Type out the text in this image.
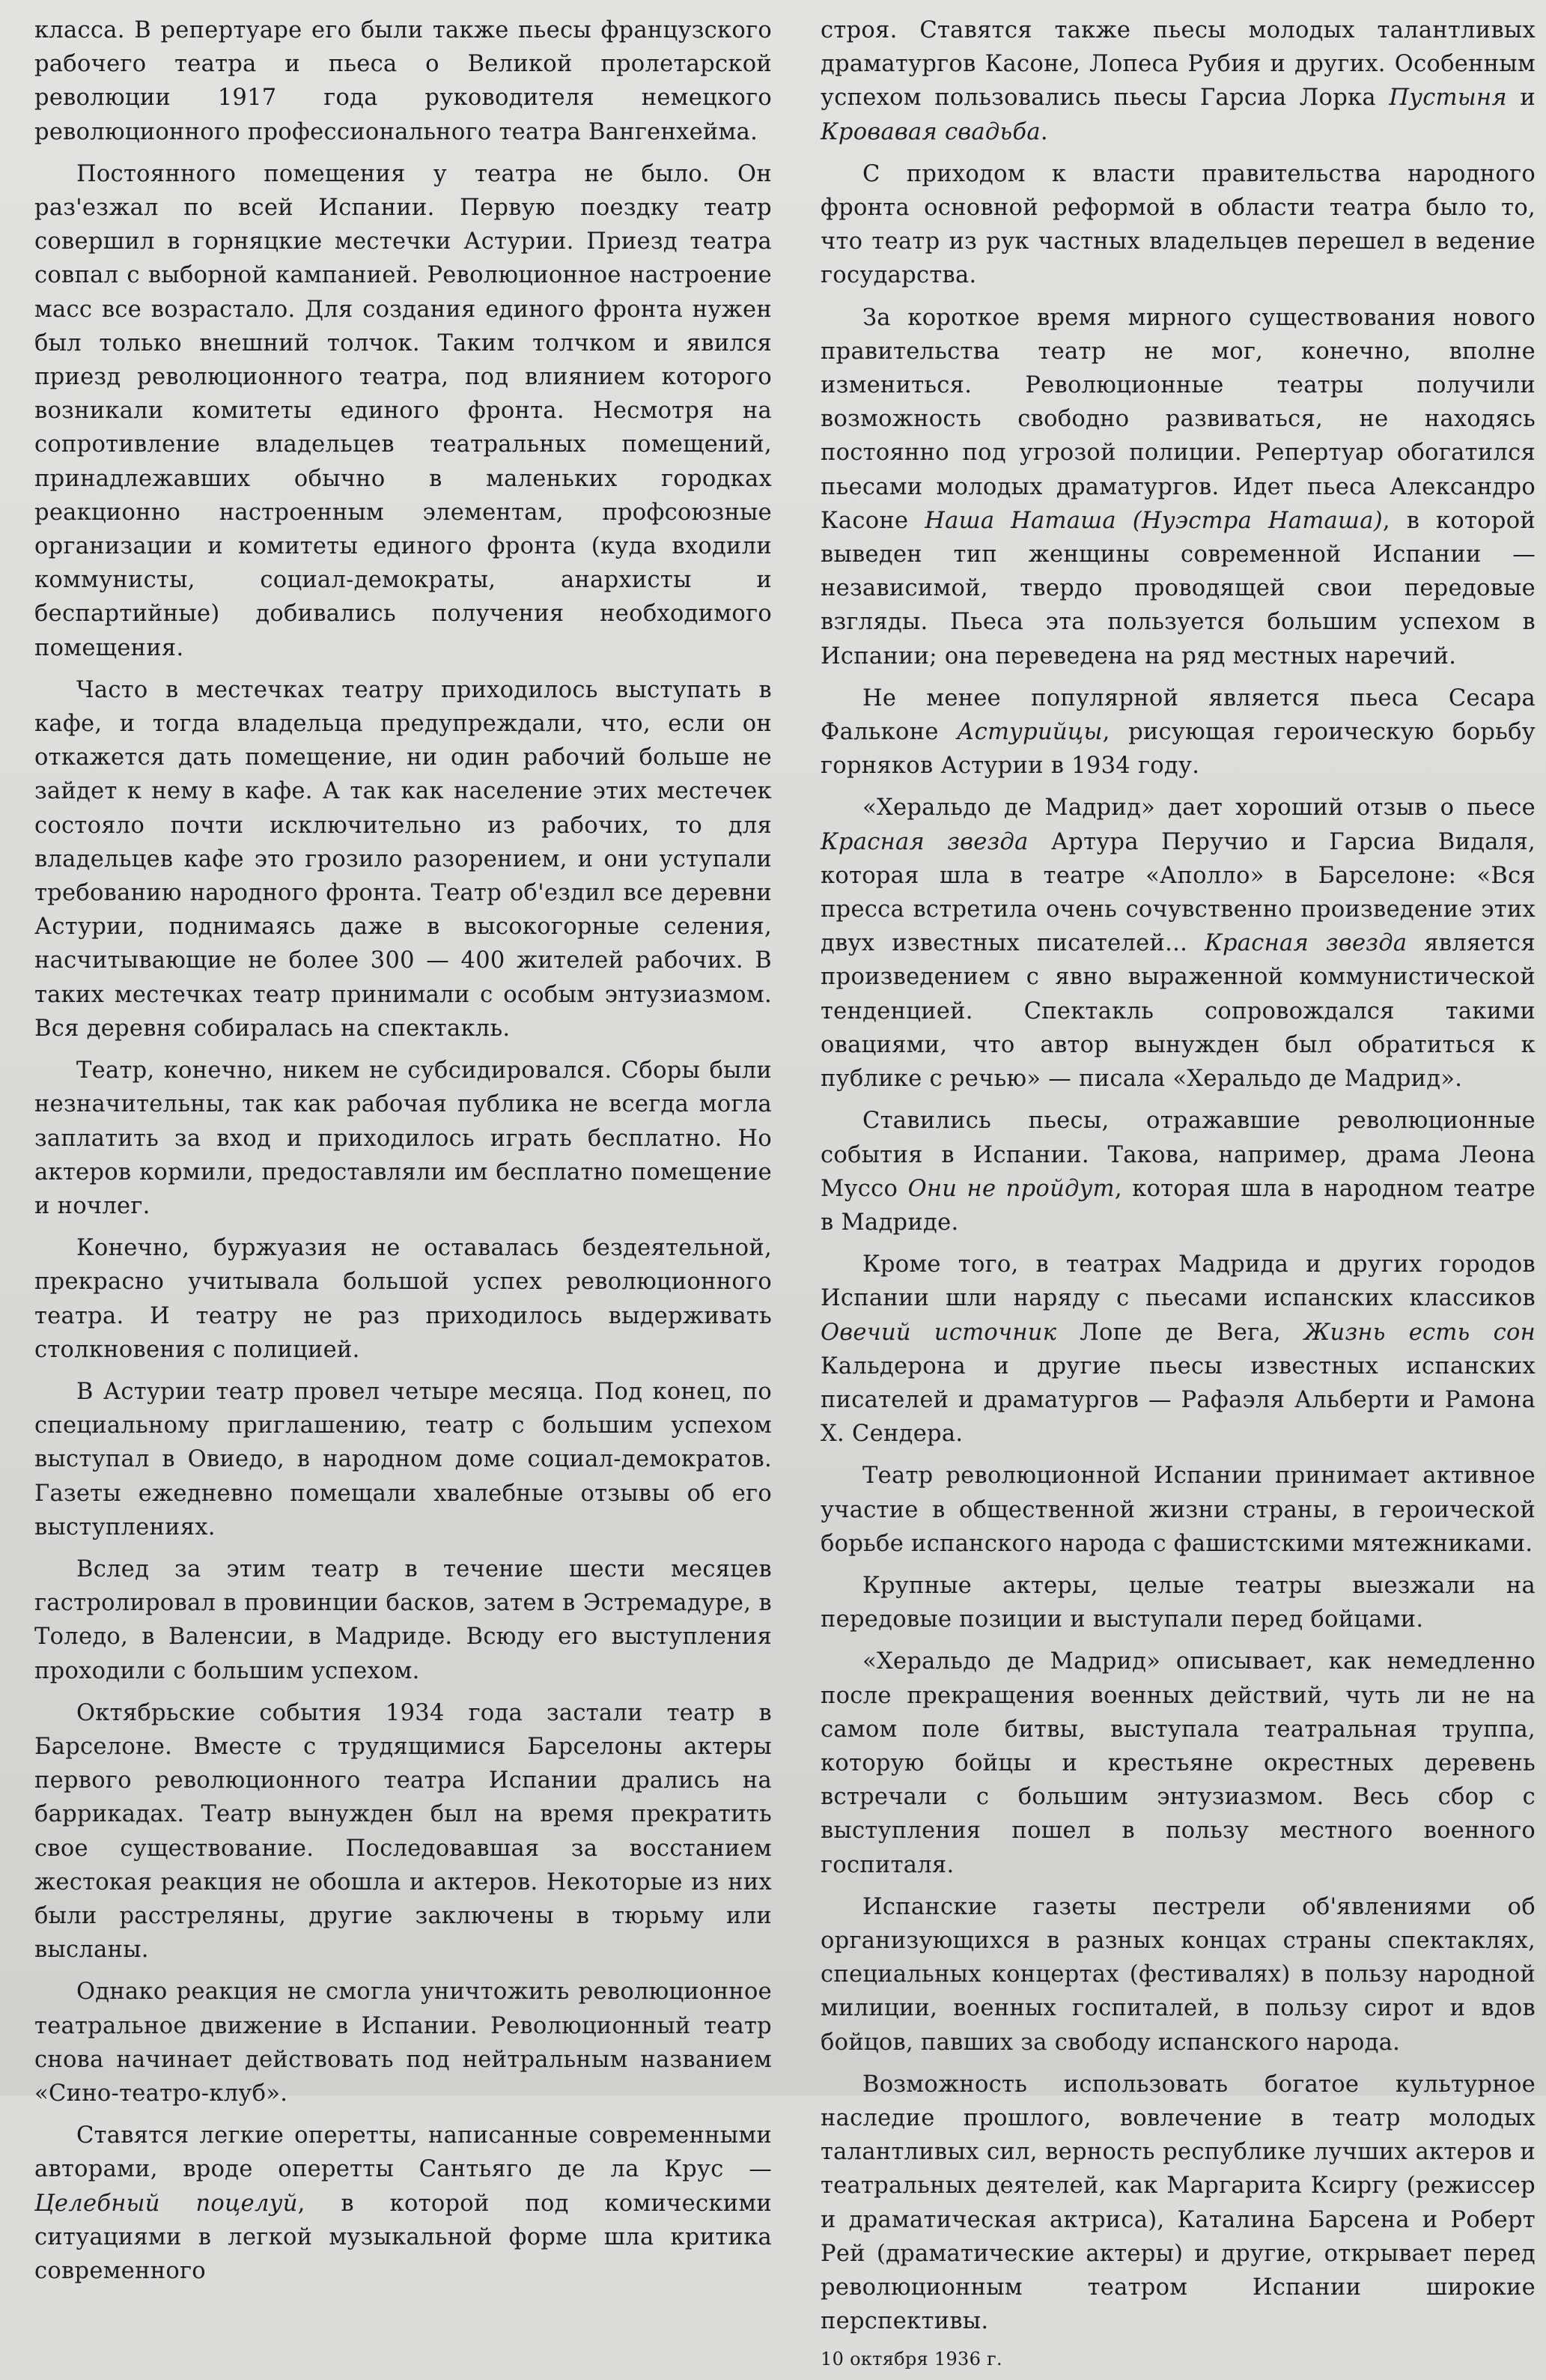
класса. В репертуаре его были также пьесы французского рабочего театра и пьеса о Великой пролетарской революции 1917 года руководителя немецкого революционного профессионального театра Вангенхейма.

Постоянного помещения у театра не было. Он раз'езжал по всей Испании. Первую поездку театр совершил в горняцкие местечки Астурии. Приезд театра совпал с выборной кампанией. Революционное настроение масс все возрастало. Для создания единого фронта нужен был только внешний толчок. Таким толчком и явился приезд революционного театра, под влиянием которого возникали комитеты единого фронта. Несмотря на сопротивление владельцев театральных помещений, принадлежавших обычно в маленьких городках реакционно настроенным элементам, профсоюзные организации и комитеты единого фронта (куда входили коммунисты, социал-демократы, анархисты и беспартийные) добивались получения необходимого помещения.

Часто в местечках театру приходилось выступать в кафе, и тогда владельца предупреждали, что, если он откажется дать помещение, ни один рабочий больше не зайдет к нему в кафе. А так как население этих местечек состояло почти исключительно из рабочих, то для владельцев кафе это грозило разорением, и они уступали требованию народного фронта. Театр об'ездил все деревни Астурии, поднимаясь даже в высокогорные селения, насчитывающие не более 300 — 400 жителей рабочих. В таких местечках театр принимали с особым энтузиазмом. Вся деревня собиралась на спектакль.

Театр, конечно, никем не субсидировался. Сборы были незначительны, так как рабочая публика не всегда могла заплатить за вход и приходилось играть бесплатно. Но актеров кормили, предоставляли им бесплатно помещение и ночлег.

Конечно, буржуазия не оставалась бездеятельной, прекрасно учитывала большой успех революционного театра. И театру не раз приходилось выдерживать столкновения с полицией.

В Астурии театр провел четыре месяца. Под конец, по специальному приглашению, театр с большим успехом выступал в Овиедо, в народном доме социал-демократов. Газеты ежедневно помещали хвалебные отзывы об его выступлениях.

Вслед за этим театр в течение шести месяцев гастролировал в провинции басков, затем в Эстремадуре, в Толедо, в Валенсии, в Мадриде. Всюду его выступления проходили с большим успехом.

Октябрьские события 1934 года застали театр в Барселоне. Вместе с трудящимися Барселоны актеры первого революционного театра Испании дрались на баррикадах. Театр вынужден был на время прекратить свое существование. Последовавшая за восстанием жестокая реакция не обошла и актеров. Некоторые из них были расстреляны, другие заключены в тюрьму или высланы.

Однако реакция не смогла уничтожить революционное театральное движение в Испании. Революционный театр снова начинает действовать под нейтральным названием «Сино-театро-клуб».

Ставятся легкие оперетты, написанные современными авторами, вроде оперетты Сантьяго де ла Крус — Целебный поцелуй, в которой под комическими ситуациями в легкой музыкальной форме шла критика современного

строя. Ставятся также пьесы молодых талантливых драматургов Касоне, Лопеса Рубия и других. Особенным успехом пользовались пьесы Гарсиа Лорка Пустыня и Кровавая свадьба.

С приходом к власти правительства народного фронта основной реформой в области театра было то, что театр из рук частных владельцев перешел в ведение государства.

За короткое время мирного существования нового правительства театр не мог, конечно, вполне измениться. Революционные театры получили возможность свободно развиваться, не находясь постоянно под угрозой полиции. Репертуар обогатился пьесами молодых драматургов. Идет пьеса Александро Касоне Наша Наташа (Нуэстра Наташа), в которой выведен тип женщины современной Испании — независимой, твердо проводящей свои передовые взгляды. Пьеса эта пользуется большим успехом в Испании; она переведена на ряд местных наречий.

Не менее популярной является пьеса Сесара Фальконе Астурийцы, рисующая героическую борьбу горняков Астурии в 1934 году.

«Херальдо де Мадрид» дает хороший отзыв о пьесе Красная звезда Артура Перучио и Гарсиа Видаля, которая шла в театре «Аполло» в Барселоне: «Вся пресса встретила очень сочувственно произведение этих двух известных писателей... Красная звезда является произведением с явно выраженной коммунистической тенденцией. Спектакль сопровождался такими овациями, что автор вынужден был обратиться к публике с речью» — писала «Херальдо де Мадрид».

Ставились пьесы, отражавшие революционные события в Испании. Такова, например, драма Леона Муссо Они не пройдут, которая шла в народном театре в Мадриде.

Кроме того, в театрах Мадрида и других городов Испании шли наряду с пьесами испанских классиков Овечий источник Лопе де Вега, Жизнь есть сон Кальдерона и другие пьесы известных испанских писателей и драматургов — Рафаэля Альберти и Рамона X. Сендера.

Театр революционной Испании принимает активное участие в общественной жизни страны, в героической борьбе испанского народа с фашистскими мятежниками.

Крупные актеры, целые театры выезжали на передовые позиции и выступали перед бойцами.

«Херальдо де Мадрид» описывает, как немедленно после прекращения военных действий, чуть ли не на самом поле битвы, выступала театральная труппа, которую бойцы и крестьяне окрестных деревень встречали с большим энтузиазмом. Весь сбор с выступления пошел в пользу местного военного госпиталя.

Испанские газеты пестрели об'явлениями об организующихся в разных концах страны спектаклях, специальных концертах (фестивалях) в пользу народной милиции, военных госпиталей, в пользу сирот и вдов бойцов, павших за свободу испанского народа.

Возможность использовать богатое культурное наследие прошлого, вовлечение в театр молодых талантливых сил, верность республике лучших актеров и театральных деятелей, как Маргарита Ксиргу (режиссер и драматическая актриса), Каталина Барсена и Роберт Рей (драматические актеры) и другие, открывает перед революционным театром Испании широкие перспективы.

10 октября 1936 г.
